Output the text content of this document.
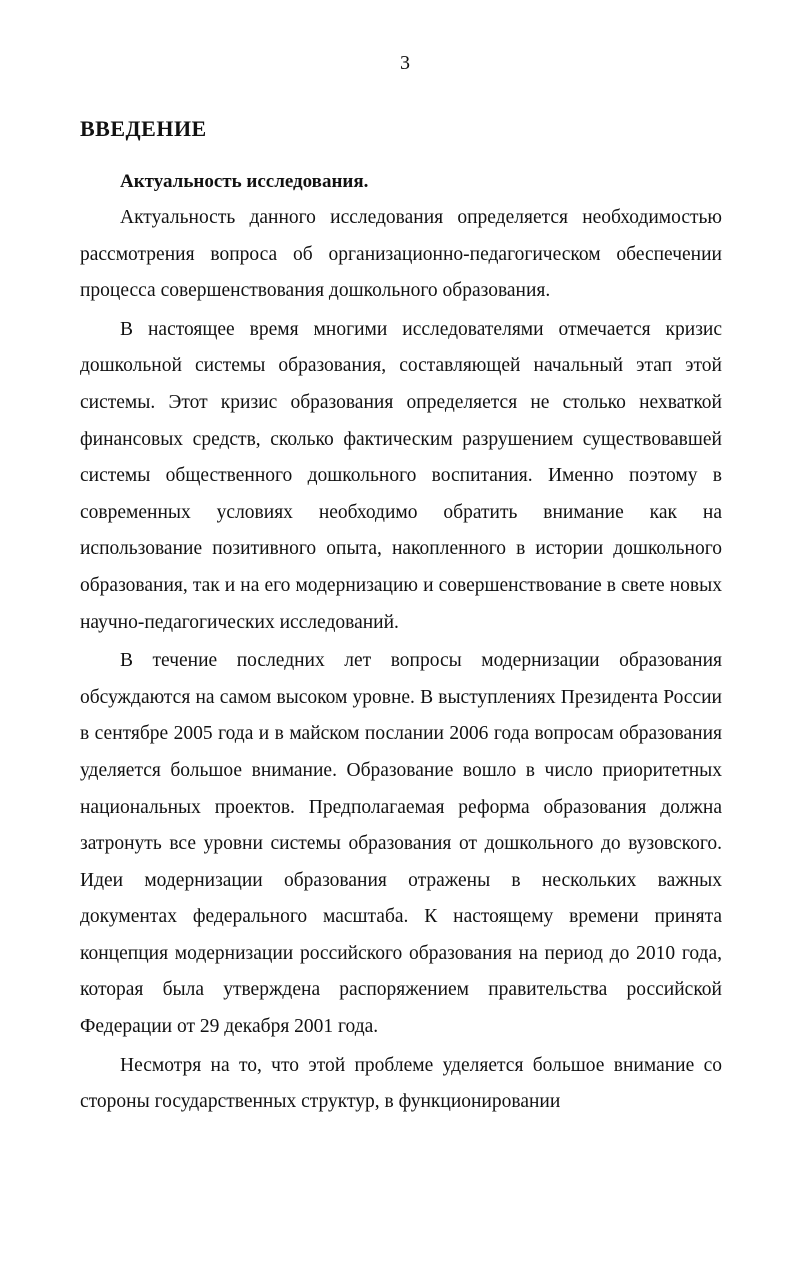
3
ВВЕДЕНИЕ
Актуальность исследования.

Актуальность данного исследования определяется необходимостью рассмотрения вопроса об организационно-педагогическом обеспечении процесса совершенствования дошкольного образования.

В настоящее время многими исследователями отмечается кризис дошкольной системы образования, составляющей начальный этап этой системы. Этот кризис образования определяется не столько нехваткой финансовых средств, сколько фактическим разрушением существовавшей системы общественного дошкольного воспитания. Именно поэтому в современных условиях необходимо обратить внимание как на использование позитивного опыта, накопленного в истории дошкольного образования, так и на его модернизацию и совершенствование в свете новых научно-педагогических исследований.

В течение последних лет вопросы модернизации образования обсуждаются на самом высоком уровне. В выступлениях Президента России в сентябре 2005 года и в майском послании 2006 года вопросам образования уделяется большое внимание. Образование вошло в число приоритетных национальных проектов. Предполагаемая реформа образования должна затронуть все уровни системы образования от дошкольного до вузовского. Идеи модернизации образования отражены в нескольких важных документах федерального масштаба. К настоящему времени принята концепция модернизации российского образования на период до 2010 года, которая была утверждена распоряжением правительства российской Федерации от 29 декабря 2001 года.

Несмотря на то, что этой проблеме уделяется большое внимание со стороны государственных структур, в функционировании
